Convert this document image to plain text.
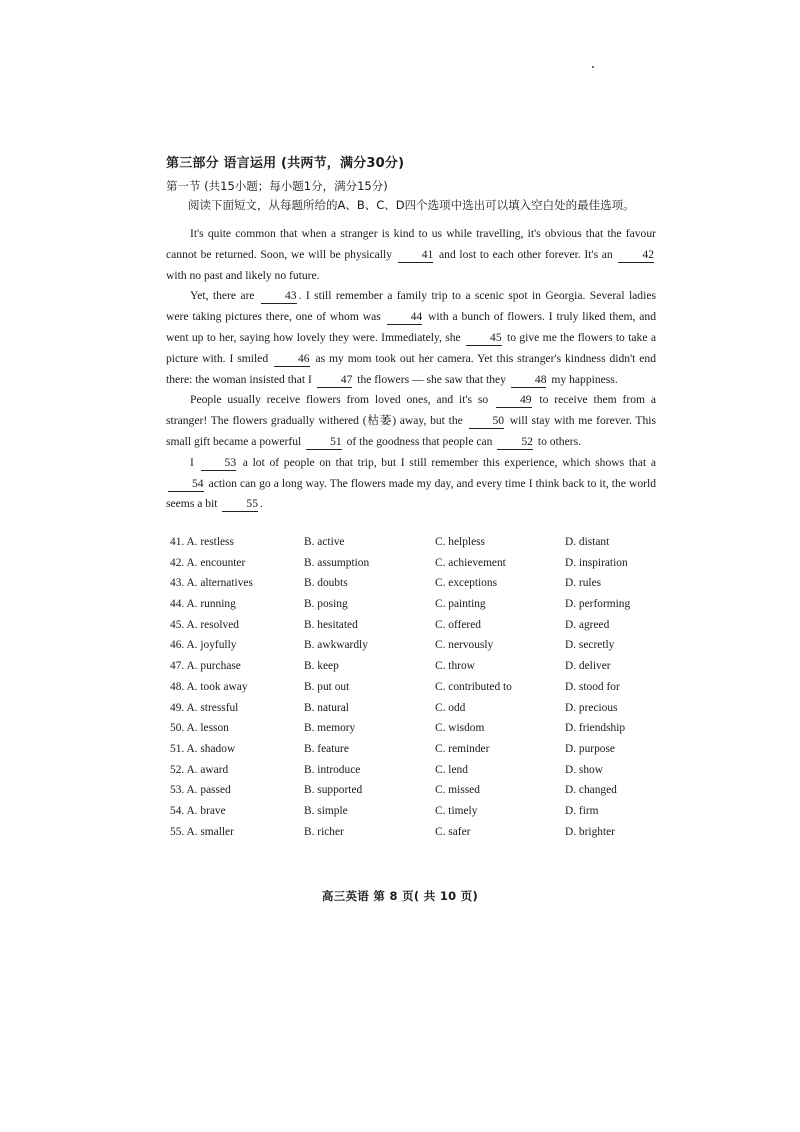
第三部分 语言运用 (共两节，满分30分)
第一节 (共15小题；每小题1分，满分15分)
阅读下面短文，从每题所给的A、B、C、D四个选项中选出可以填入空白处的最佳选项。

It's quite common that when a stranger is kind to us while travelling, it's obvious that the favour cannot be returned. Soon, we will be physically 41 and lost to each other forever. It's an 42 with no past and likely no future.

Yet, there are 43 . I still remember a family trip to a scenic spot in Georgia. Several ladies were taking pictures there, one of whom was 44 with a bunch of flowers. I truly liked them, and went up to her, saying how lovely they were. Immediately, she 45 to give me the flowers to take a picture with. I smiled 46 as my mom took out her camera. Yet this stranger's kindness didn't end there: the woman insisted that I 47 the flowers — she saw that they 48 my happiness.

People usually receive flowers from loved ones, and it's so 49 to receive them from a stranger! The flowers gradually withered (枯萎) away, but the 50 will stay with me forever. This small gift became a powerful 51 of the goodness that people can 52 to others.

I 53 a lot of people on that trip, but I still remember this experience, which shows that a 54 action can go a long way. The flowers made my day, and every time I think back to it, the world seems a bit 55 .

41. A. restless	B. active	C. helpless	D. distant
42. A. encounter	B. assumption	C. achievement	D. inspiration
43. A. alternatives	B. doubts	C. exceptions	D. rules
44. A. running	B. posing	C. painting	D. performing
45. A. resolved	B. hesitated	C. offered	D. agreed
46. A. joyfully	B. awkwardly	C. nervously	D. secretly
47. A. purchase	B. keep	C. throw	D. deliver
48. A. took away	B. put out	C. contributed to	D. stood for
49. A. stressful	B. natural	C. odd	D. precious
50. A. lesson	B. memory	C. wisdom	D. friendship
51. A. shadow	B. feature	C. reminder	D. purpose
52. A. award	B. introduce	C. lend	D. show
53. A. passed	B. supported	C. missed	D. changed
54. A. brave	B. simple	C. timely	D. firm
55. A. smaller	B. richer	C. safer	D. brighter
高三英语 第 8 页( 共 10 页)
